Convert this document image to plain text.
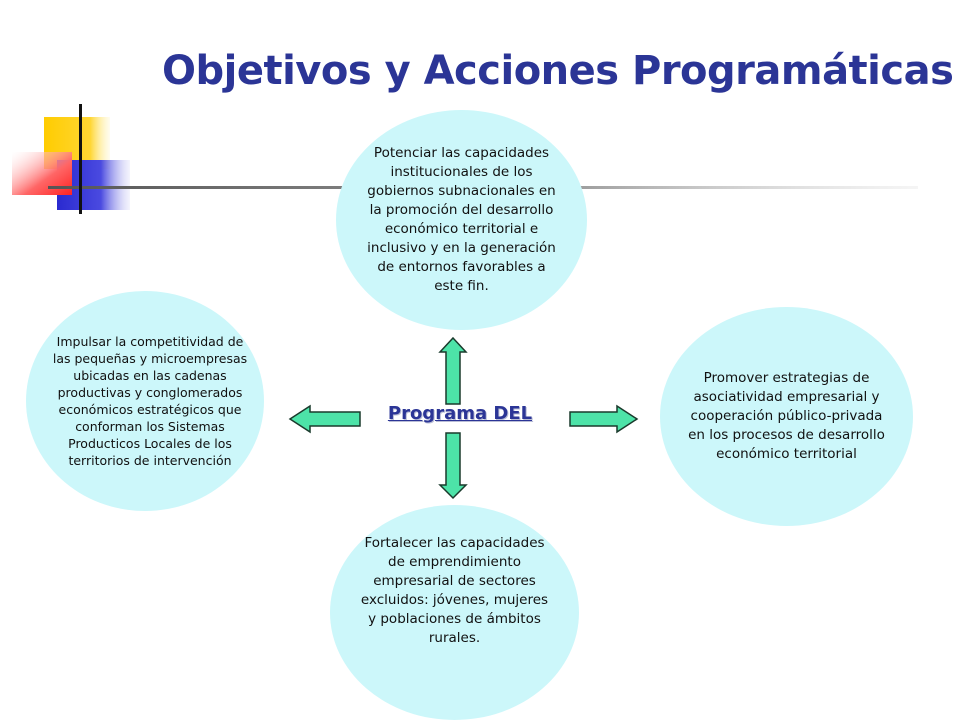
Objetivos y Acciones Programáticas
Potenciar las capacidades institucionales de los gobiernos subnacionales en la promoción del desarrollo económico territorial e inclusivo y en la generación de entornos favorables a este fin.
Impulsar la competitividad de las pequeñas y microempresas ubicadas en las cadenas productivas y conglomerados económicos estratégicos que conforman los Sistemas Producticos Locales de los territorios de intervención
Promover estrategias de asociatividad empresarial y cooperación público-privada en los procesos de desarrollo económico territorial
Fortalecer las capacidades de emprendimiento empresarial de sectores excluidos: jóvenes, mujeres y poblaciones de ámbitos rurales.
Programa DEL
